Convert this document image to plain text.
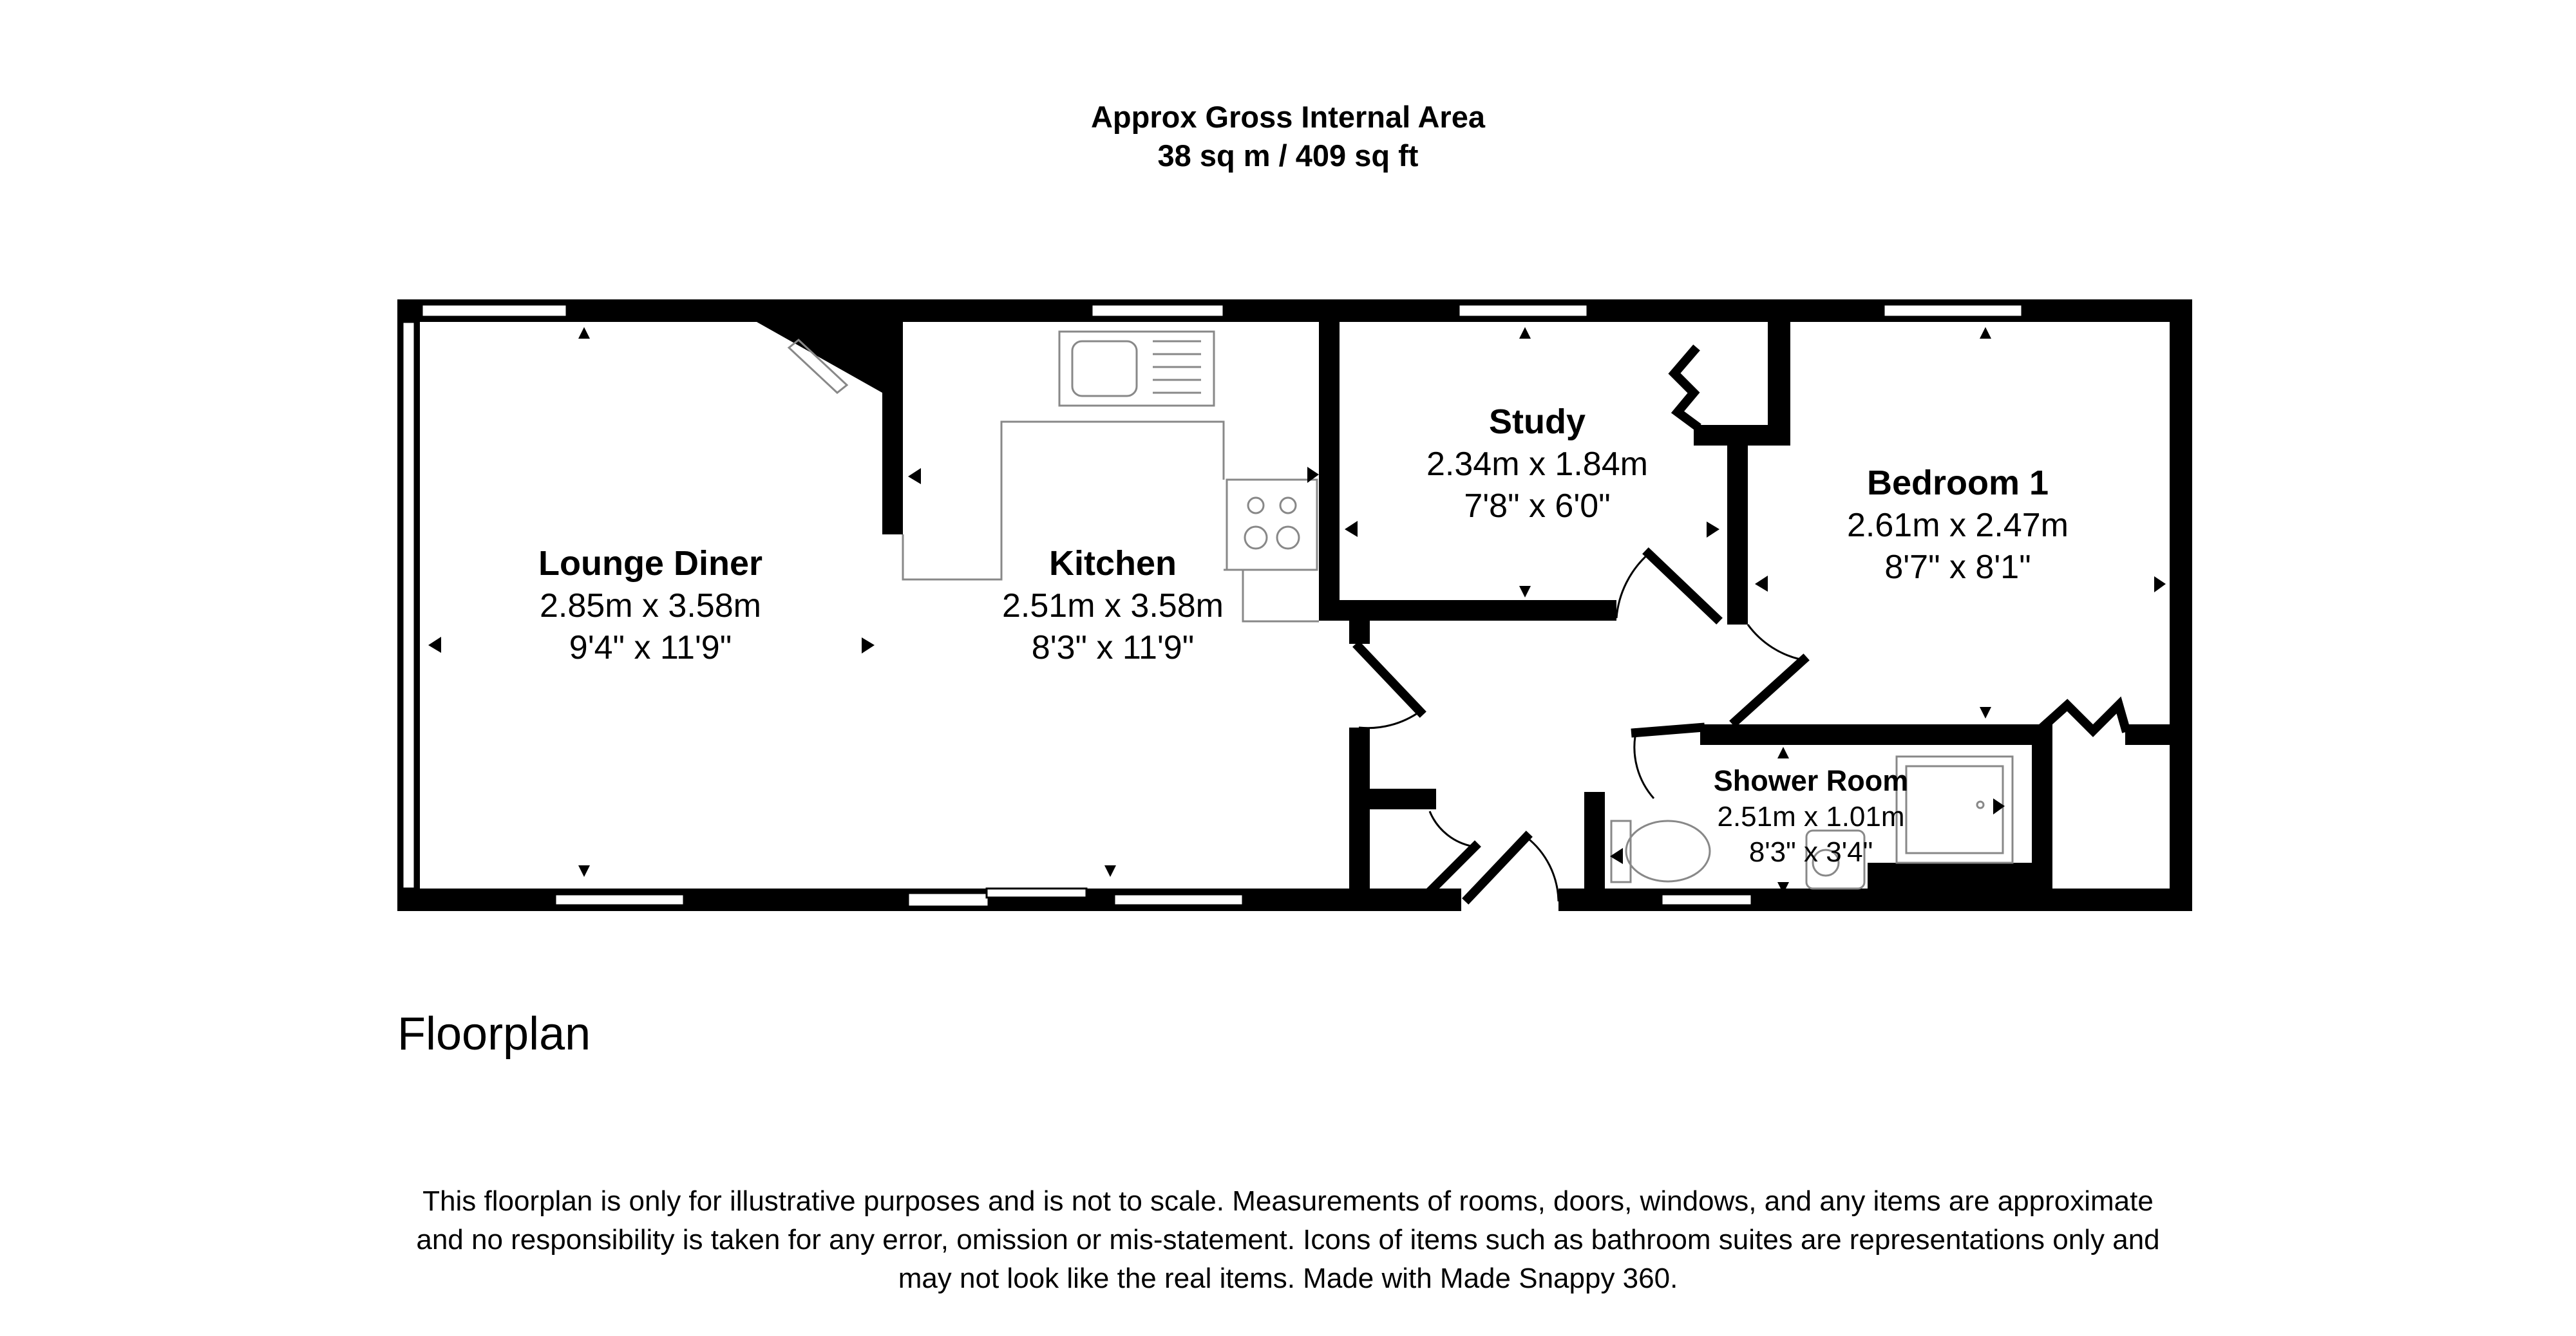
Approx Gross Internal Area
38 sq m / 409 sq ft
Lounge Diner
2.85m x 3.58m
9'4" x 11'9"
Kitchen
2.51m x 3.58m
8'3" x 11'9"
Study
2.34m x 1.84m
7'8" x 6'0"
Bedroom 1
2.61m x 2.47m
8'7" x 8'1"
Shower Room
2.51m x 1.01m
8'3" x 3'4"
Floorplan
This floorplan is only for illustrative purposes and is not to scale. Measurements of rooms, doors, windows, and any items are approximate
and no responsibility is taken for any error, omission or mis-statement. Icons of items such as bathroom suites are representations only and
may not look like the real items. Made with Made Snappy 360.
